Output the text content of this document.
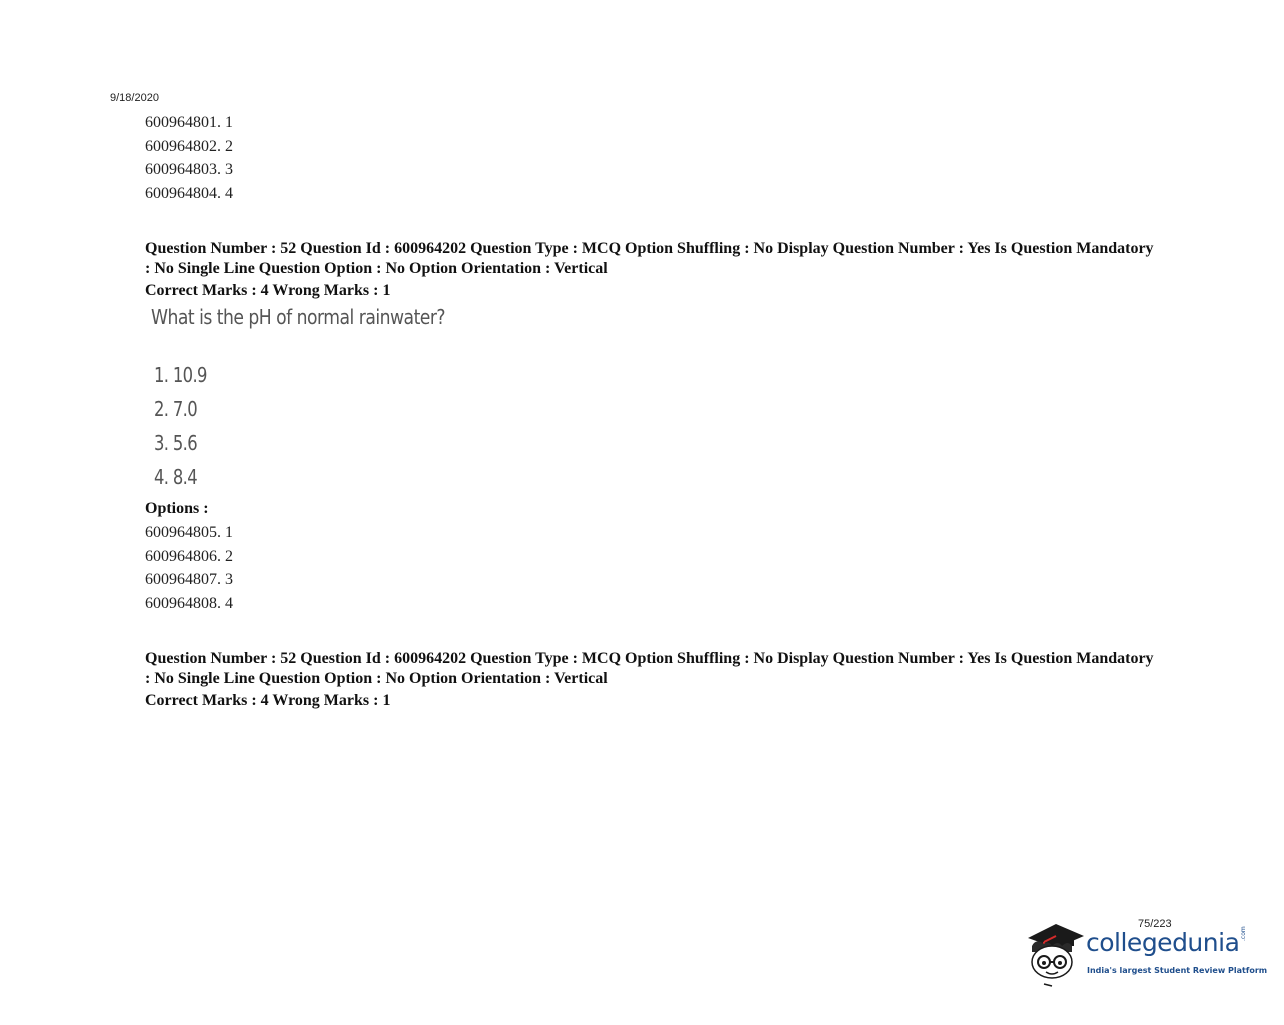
9/18/2020
600964801. 1
600964802. 2
600964803. 3
600964804. 4
Question Number : 52 Question Id : 600964202 Question Type : MCQ Option Shuffling : No Display Question Number : Yes Is Question Mandatory : No Single Line Question Option : No Option Orientation : Vertical
Correct Marks : 4 Wrong Marks : 1
What is the pH of normal rainwater?
1. 10.9
2. 7.0
3. 5.6
4. 8.4
Options :
600964805. 1
600964806. 2
600964807. 3
600964808. 4
Question Number : 52 Question Id : 600964202 Question Type : MCQ Option Shuffling : No Display Question Number : Yes Is Question Mandatory : No Single Line Question Option : No Option Orientation : Vertical
Correct Marks : 4 Wrong Marks : 1
75/223
collegedunia .com
India's largest Student Review Platform
